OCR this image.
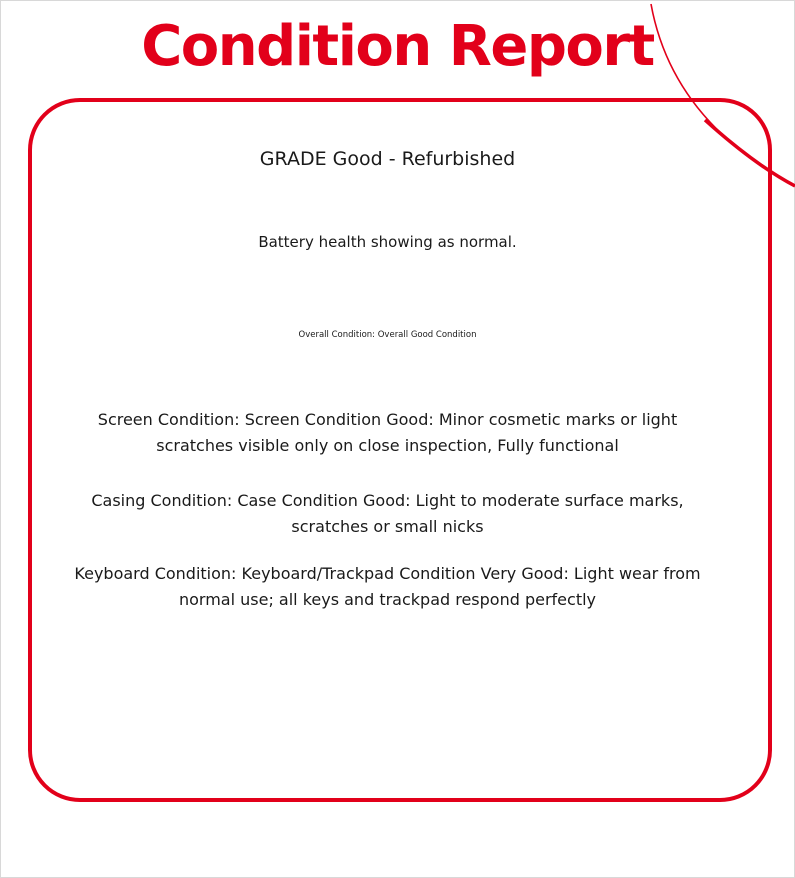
Condition Report
GRADE Good - Refurbished
Battery health showing as normal.
Overall Condition: Overall Good Condition
Screen Condition: Screen Condition Good: Minor cosmetic marks or light scratches visible only on close inspection, Fully functional
Casing Condition: Case Condition Good: Light to moderate surface marks, scratches or small nicks
Keyboard Condition: Keyboard/Trackpad Condition Very Good: Light wear from normal use; all keys and trackpad respond perfectly
